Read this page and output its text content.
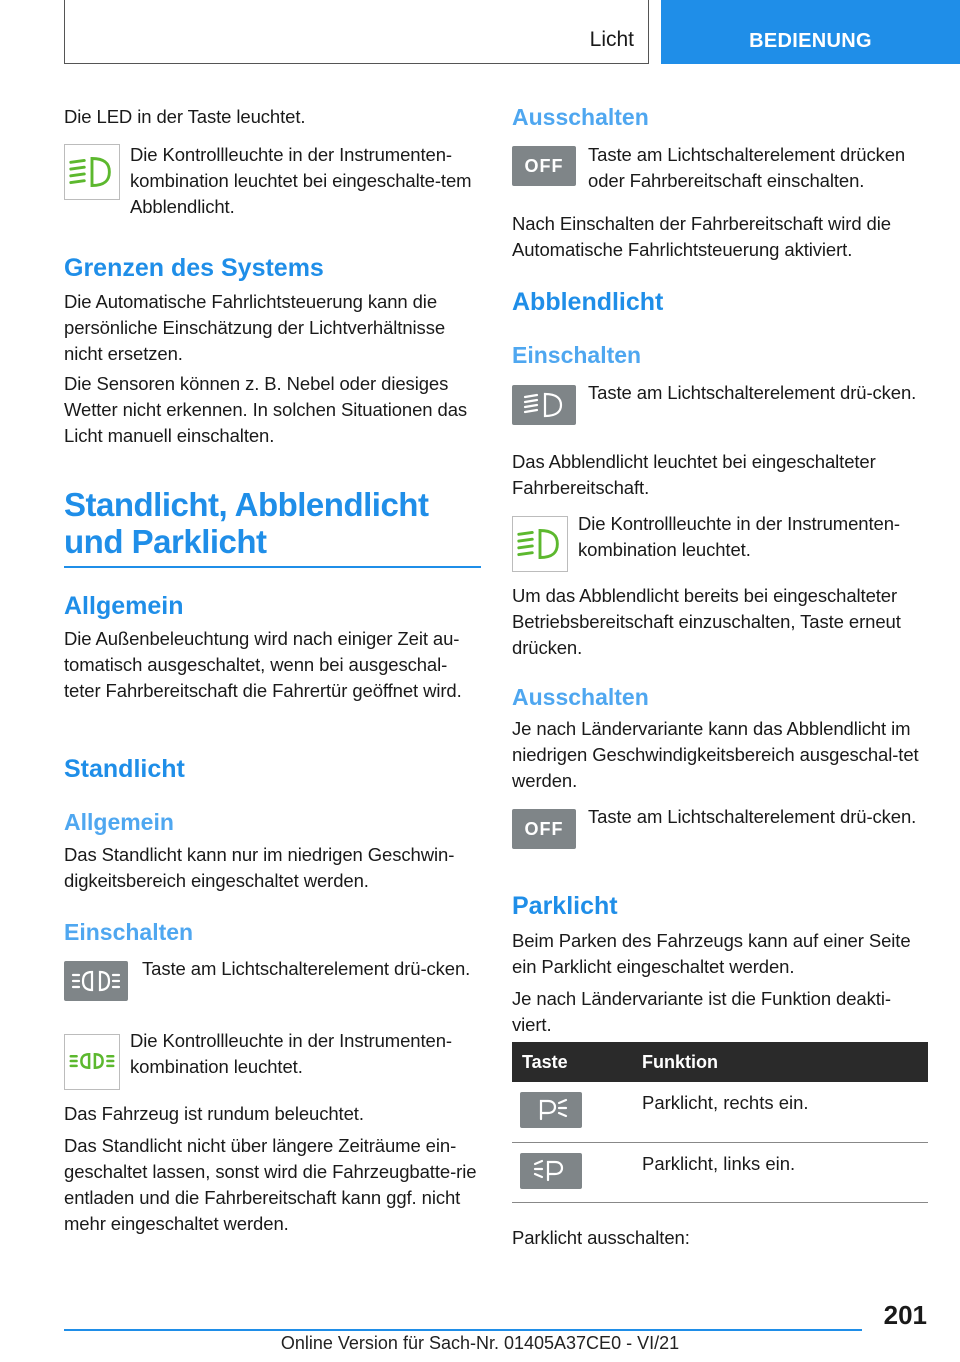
Licht	BEDIENUNG

Die LED in der Taste leuchtet.

Die Kontrollleuchte in der Instrumenten-kombination leuchtet bei eingeschalte-tem Abblendlicht.

Grenzen des Systems

Die Automatische Fahrlichtsteuerung kann die persönliche Einschätzung der Lichtverhältnisse nicht ersetzen.

Die Sensoren können z. B. Nebel oder diesiges Wetter nicht erkennen. In solchen Situationen das Licht manuell einschalten.

Standlicht, Abblendlicht
und Parklicht
Allgemein

Die Außenbeleuchtung wird nach einiger Zeit au-tomatisch ausgeschaltet, wenn bei ausgeschal-teter Fahrbereitschaft die Fahrertür geöffnet wird.

Standlicht
Allgemein

Das Standlicht kann nur im niedrigen Geschwin-digkeitsbereich eingeschaltet werden.

Einschalten

Taste am Lichtschalterelement drü-cken.

Die Kontrollleuchte in der Instrumenten-kombination leuchtet.

Das Fahrzeug ist rundum beleuchtet.

Das Standlicht nicht über längere Zeiträume ein-geschaltet lassen, sonst wird die Fahrzeugbatte-rie entladen und die Fahrbereitschaft kann ggf. nicht mehr eingeschaltet werden.

Ausschalten
OFF

Taste am Lichtschalterelement drücken oder Fahrbereitschaft einschalten.

Nach Einschalten der Fahrbereitschaft wird die Automatische Fahrlichtsteuerung aktiviert.

Abblendlicht
Einschalten

Taste am Lichtschalterelement drü-cken.

Das Abblendlicht leuchtet bei eingeschalteter Fahrbereitschaft.

Die Kontrollleuchte in der Instrumenten-kombination leuchtet.

Um das Abblendlicht bereits bei eingeschalteter Betriebsbereitschaft einzuschalten, Taste erneut drücken.

Ausschalten

Je nach Ländervariante kann das Abblendlicht im niedrigen Geschwindigkeitsbereich ausgeschal-tet werden.

OFF

Taste am Lichtschalterelement drü-cken.

Parklicht

Beim Parken des Fahrzeugs kann auf einer Seite ein Parklicht eingeschaltet werden.

Je nach Ländervariante ist die Funktion deakti-viert.

Taste	Funktion

	Parklicht, rechts ein.

	Parklicht, links ein.

Parklicht ausschalten:

201
Online Version für Sach-Nr. 01405A37CE0 - VI/21
